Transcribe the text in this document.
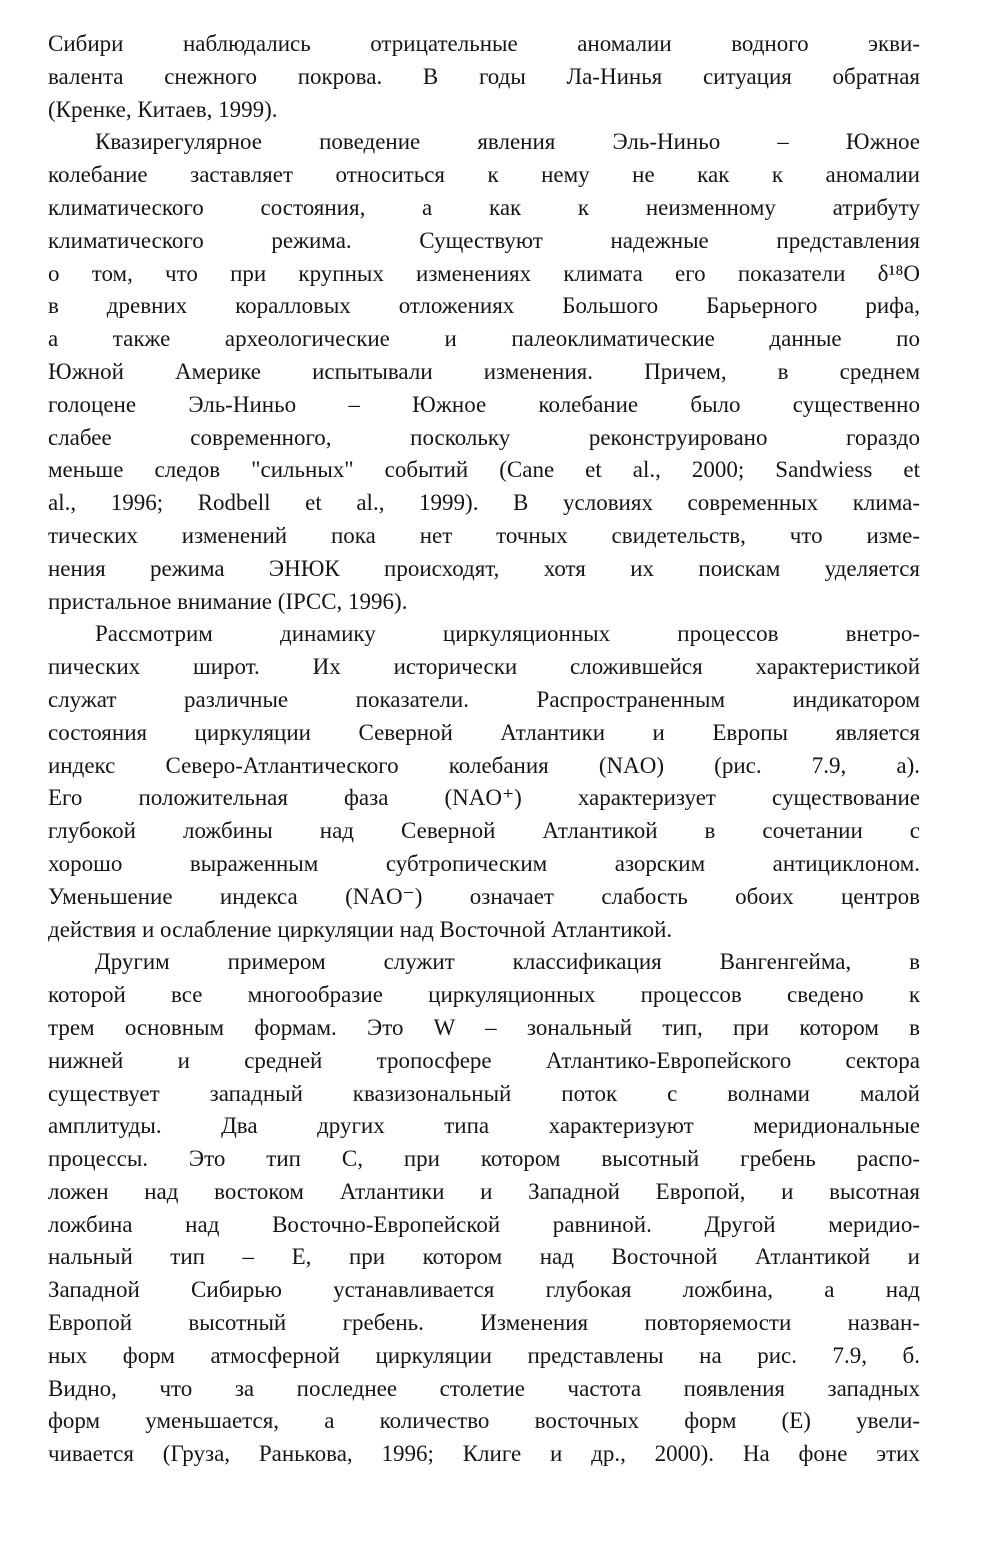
Сибири наблюдались отрицательные аномалии водного экви-
валента снежного покрова. В годы Ла-Нинья ситуация обратная
(Кренке, Китаев, 1999).
Квазирегулярное поведение явления Эль-Ниньо – Южное
колебание заставляет относиться к нему не как к аномалии
климатического состояния, а как к неизменному атрибуту
климатического режима. Существуют надежные представления
о том, что при крупных изменениях климата его показатели δ¹⁸O
в древних коралловых отложениях Большого Барьерного рифа,
а также археологические и палеоклиматические данные по
Южной Америке испытывали изменения. Причем, в среднем
голоцене Эль-Ниньо – Южное колебание было существенно
слабее современного, поскольку реконструировано гораздо
меньше следов "сильных" событий (Cane et al., 2000; Sandwiess et
al., 1996; Rodbell et al., 1999). В условиях современных клима-
тических изменений пока нет точных свидетельств, что изме-
нения режима ЭНЮК происходят, хотя их поискам уделяется
пристальное внимание (IPCC, 1996).
Рассмотрим динамику циркуляционных процессов внетро-
пических широт. Их исторически сложившейся характеристикой
служат различные показатели. Распространенным индикатором
состояния циркуляции Северной Атлантики и Европы является
индекс Северо-Атлантического колебания (NAO) (рис. 7.9, а).
Его положительная фаза (NAO⁺) характеризует существование
глубокой ложбины над Северной Атлантикой в сочетании с
хорошо выраженным субтропическим азорским антициклоном.
Уменьшение индекса (NAO⁻) означает слабость обоих центров
действия и ослабление циркуляции над Восточной Атлантикой.
Другим примером служит классификация Вангенгейма, в
которой все многообразие циркуляционных процессов сведено к
трем основным формам. Это W – зональный тип, при котором в
нижней и средней тропосфере Атлантико-Европейского сектора
существует западный квазизональный поток с волнами малой
амплитуды. Два других типа характеризуют меридиональные
процессы. Это тип С, при котором высотный гребень распо-
ложен над востоком Атлантики и Западной Европой, и высотная
ложбина над Восточно-Европейской равниной. Другой меридио-
нальный тип – Е, при котором над Восточной Атлантикой и
Западной Сибирью устанавливается глубокая ложбина, а над
Европой высотный гребень. Изменения повторяемости назван-
ных форм атмосферной циркуляции представлены на рис. 7.9, б.
Видно, что за последнее столетие частота появления западных
форм уменьшается, а количество восточных форм (Е) увели-
чивается (Груза, Ранькова, 1996; Клиге и др., 2000). На фоне этих
